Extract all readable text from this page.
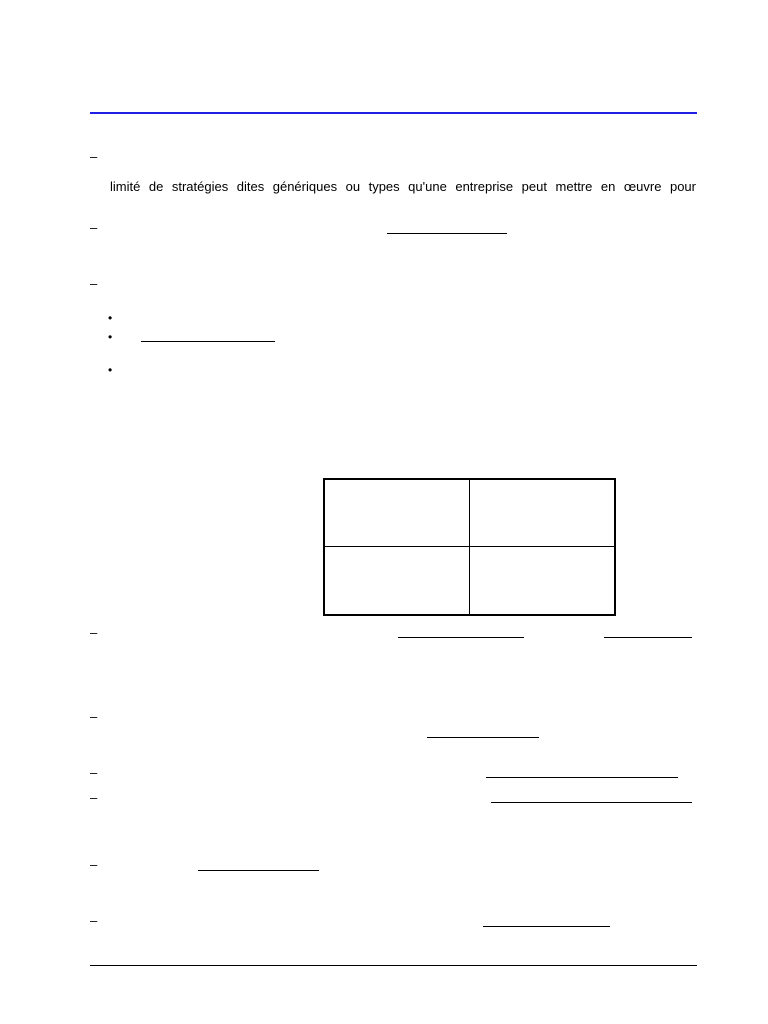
–
limité de stratégies dites génériques ou types qu'une entreprise peut mettre en œuvre pour
–
–
•
•
•
–
–
–
–
–
–
